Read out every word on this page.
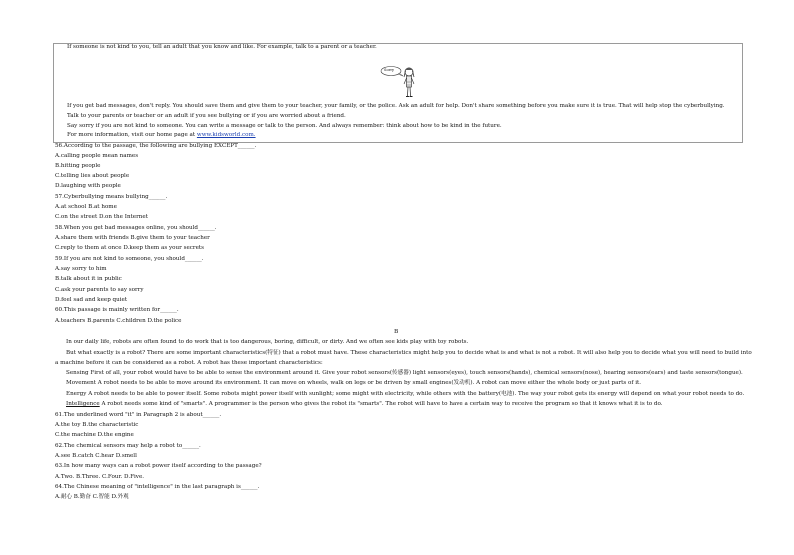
If someone is not kind to you, tell an adult that you know and like. For example, talk to a parent or a teacher.
Sorry
If you get bad messages, don't reply. You should save them and give them to your teacher, your family, or the police. Ask an adult for help. Don't share something before you make sure it is true. That will help stop the cyberbullying.
Talk to your parents or teacher or an adult if you see bullying or if you are worried about a friend.
Say sorry if you are not kind to someone. You can write a message or talk to the person. And always remember: think about how to be kind in the future.
For more information, visit our home page at www.kidsworld.com.
56.According to the passage, the following are bullying EXCEPT______.
A.calling people mean names
B.hitting people
C.telling lies about people
D.laughing with people
57.Cyberbullying means bullying______.
A.at school B.at home
C.on the street D.on the Internet
58.When you get bad messages online, you should______.
A.share them with friends B.give them to your teacher
C.reply to them at once D.keep them as your secrets
59.If you are not kind to someone, you should______.
A.say sorry to him
B.talk about it in public
C.ask your parents to say sorry
D.feel sad and keep quiet
60.This passage is mainly written for______.
A.teachers B.parents C.children D.the police
B
In our daily life, robots are often found to do work that is too dangerous, boring, difficult, or dirty. And we often see kids play with toy robots.
But what exactly is a robot? There are some important characteristics(特征) that a robot must have. These characteristics might help you to decide what is and what is not a robot. It will also help you to decide what you will need to build into
a machine before it can be considered as a robot. A robot has these important characteristics:
Sensing First of all, your robot would have to be able to sense the environment around it. Give your robot sensors(传感器) light sensors(eyes), touch sensors(hands), chemical sensors(nose), hearing sensors(ears) and taste sensors(tongue).
Movement A robot needs to be able to move around its environment. It can move on wheels, walk on legs or be driven by small engines(发动机). A robot can move either the whole body or just parts of it.
Energy A robot needs to be able to power itself. Some robots might power itself with sunlight; some might with electricity, while others with the battery(电池). The way your robot gets its energy will depend on what your robot needs to do.
Intelligence A robot needs some kind of "smarts". A programmer is the person who gives the robot its "smarts". The robot will have to have a certain way to receive the program so that it knows what it is to do.
61.The underlined word "it" in Paragraph 2 is about______.
A.the toy B.the characteristic
C.the machine D.the engine
62.The chemical sensors may help a robot to______.
A.see B.catch C.hear D.smell
63.In how many ways can a robot power itself according to the passage?
A.Two. B.Three. C.Four. D.Five.
64.The Chinese meaning of "intelligence" in the last paragraph is______.
A.耐心 B.勤奋 C.智能 D.外观
